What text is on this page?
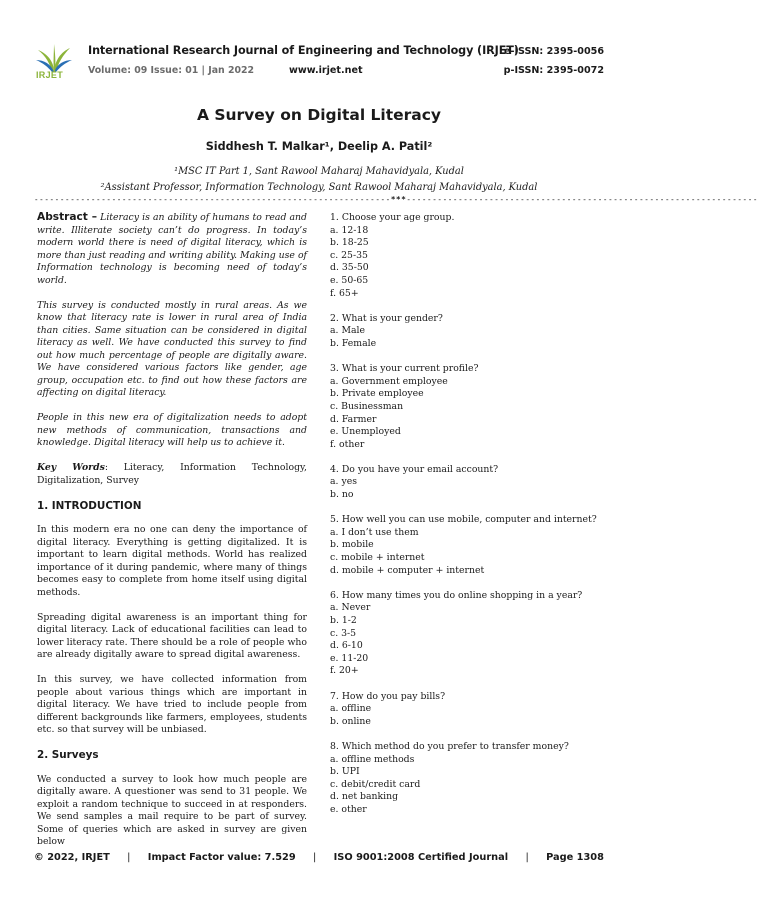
IRJET
International Research Journal of Engineering and Technology (IRJET)
e-ISSN: 2395-0056
Volume: 09 Issue: 01 | Jan 2022	www.irjet.net	p-ISSN: 2395-0072
A Survey on Digital Literacy
Siddhesh T. Malkar¹, Deelip A. Patil²
¹MSC IT Part 1, Sant Rawool Maharaj Mahavidyala, Kudal
²Assistant Professor, Information Technology, Sant Rawool Maharaj Mahavidyala, Kudal
---------------------------------------------------------------------***--------------------------------------------------------------------

Abstract – Literacy is an ability of humans to read and write. Illiterate society can’t do progress. In today’s modern world there is need of digital literacy, which is more than just reading and writing ability. Making use of Information technology is becoming need of today’s world.

This survey is conducted mostly in rural areas. As we know that literacy rate is lower in rural area of India than cities. Same situation can be considered in digital literacy as well. We have conducted this survey to find out how much percentage of people are digitally aware. We have considered various factors like gender, age group, occupation etc. to find out how these factors are affecting on digital literacy.

People in this new era of digitalization needs to adopt new methods of communication, transactions and knowledge. Digital literacy will help us to achieve it.

Key Words: Literacy, Information Technology, Digitalization, Survey

1. INTRODUCTION

In this modern era no one can deny the importance of digital literacy. Everything is getting digitalized. It is important to learn digital methods. World has realized importance of it during pandemic, where many of things becomes easy to complete from home itself using digital methods.

Spreading digital awareness is an important thing for digital literacy. Lack of educational facilities can lead to lower literacy rate. There should be a role of people who are already digitally aware to spread digital awareness.

In this survey, we have collected information from people about various things which are important in digital literacy. We have tried to include people from different backgrounds like farmers, employees, students etc. so that survey will be unbiased.

2. Surveys

We conducted a survey to look how much people are digitally aware. A questioner was send to 31 people. We exploit a random technique to succeed in at responders. We send samples a mail require to be part of survey. Some of queries which are asked in survey are given below

1. Choose your age group.
a. 12-18
b. 18-25
c. 25-35
d. 35-50
e. 50-65
f. 65+
2. What is your gender?
a. Male
b. Female
3. What is your current profile?
a. Government employee
b. Private employee
c. Businessman
d. Farmer
e. Unemployed
f. other
4. Do you have your email account?
a. yes
b. no
5. How well you can use mobile, computer and internet?
a. I don’t use them
b. mobile
c. mobile + internet
d. mobile + computer + internet
6. How many times you do online shopping in a year?
a. Never
b. 1-2
c. 3-5
d. 6-10
e. 11-20
f. 20+
7. How do you pay bills?
a. offline
b. online
8. Which method do you prefer to transfer money?
a. offline methods
b. UPI
c. debit/credit card
d. net banking
e. other
© 2022, IRJET | Impact Factor value: 7.529 | ISO 9001:2008 Certified Journal | Page 1308
